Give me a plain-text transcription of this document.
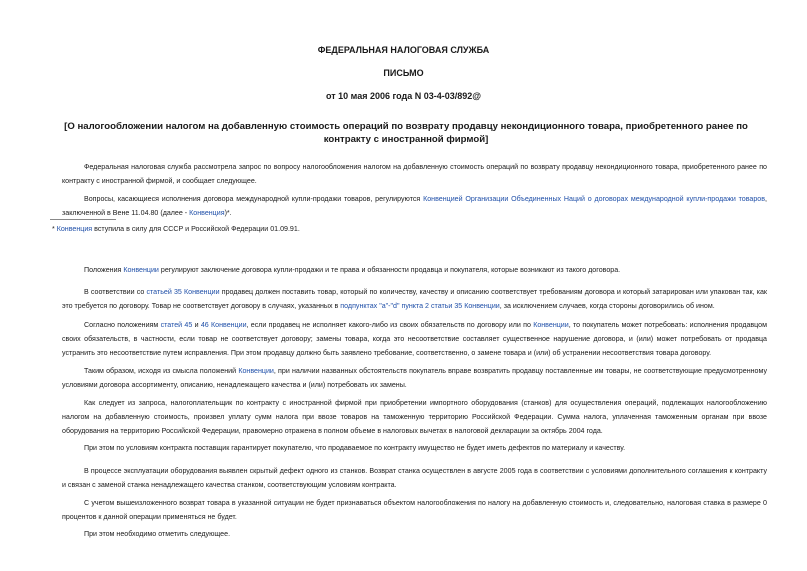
ФЕДЕРАЛЬНАЯ НАЛОГОВАЯ СЛУЖБА
ПИСЬМО
от 10 мая 2006 года N 03-4-03/892@
[О налогообложении налогом на добавленную стоимость операций по возврату продавцу некондиционного товара, приобретенного ранее по контракту с иностранной фирмой]
Федеральная налоговая служба рассмотрела запрос по вопросу налогообложения налогом на добавленную стоимость операций по возврату продавцу некондиционного товара, приобретенного ранее по контракту с иностранной фирмой, и сообщает следующее.
Вопросы, касающиеся исполнения договора международной купли-продажи товаров, регулируются Конвенцией Организации Объединенных Наций о договорах международной купли-продажи товаров, заключенной в Вене 11.04.80 (далее - Конвенция)*.
* Конвенция вступила в силу для СССР и Российской Федерации 01.09.91.
Положения Конвенции регулируют заключение договора купли-продажи и те права и обязанности продавца и покупателя, которые возникают из такого договора.
В соответствии со статьей 35 Конвенции продавец должен поставить товар, который по количеству, качеству и описанию соответствует требованиям договора и который затарирован или упакован так, как это требуется по договору. Товар не соответствует договору в случаях, указанных в подпунктах "а"-"d" пункта 2 статьи 35 Конвенции, за исключением случаев, когда стороны договорились об ином.
Согласно положениям статей 45 и 46 Конвенции, если продавец не исполняет какого-либо из своих обязательств по договору или по Конвенции, то покупатель может потребовать: исполнения продавцом своих обязательств, в частности, если товар не соответствует договору; замены товара, когда это несоответствие составляет существенное нарушение договора, и (или) может потребовать от продавца устранить это несоответствие путем исправления. При этом продавцу должно быть заявлено требование, соответственно, о замене товара и (или) об устранении несоответствия товара договору.
Таким образом, исходя из смысла положений Конвенции, при наличии названных обстоятельств покупатель вправе возвратить продавцу поставленные им товары, не соответствующие предусмотренному условиями договора ассортименту, описанию, ненадлежащего качества и (или) потребовать их замены.
Как следует из запроса, налогоплательщик по контракту с иностранной фирмой при приобретении импортного оборудования (станков) для осуществления операций, подлежащих налогообложению налогом на добавленную стоимость, произвел уплату сумм налога при ввозе товаров на таможенную территорию Российской Федерации. Сумма налога, уплаченная таможенным органам при ввозе оборудования на территорию Российской Федерации, правомерно отражена в полном объеме в налоговых вычетах в налоговой декларации за октябрь 2004 года.
При этом по условиям контракта поставщик гарантирует покупателю, что продаваемое по контракту имущество не будет иметь дефектов по материалу и качеству.
В процессе эксплуатации оборудования выявлен скрытый дефект одного из станков. Возврат станка осуществлен в августе 2005 года в соответствии с условиями дополнительного соглашения к контракту и связан с заменой станка ненадлежащего качества станком, соответствующим условиям контракта.
С учетом вышеизложенного возврат товара в указанной ситуации не будет признаваться объектом налогообложения по налогу на добавленную стоимость и, следовательно, налоговая ставка в размере 0 процентов к данной операции применяться не будет.
При этом необходимо отметить следующее.
